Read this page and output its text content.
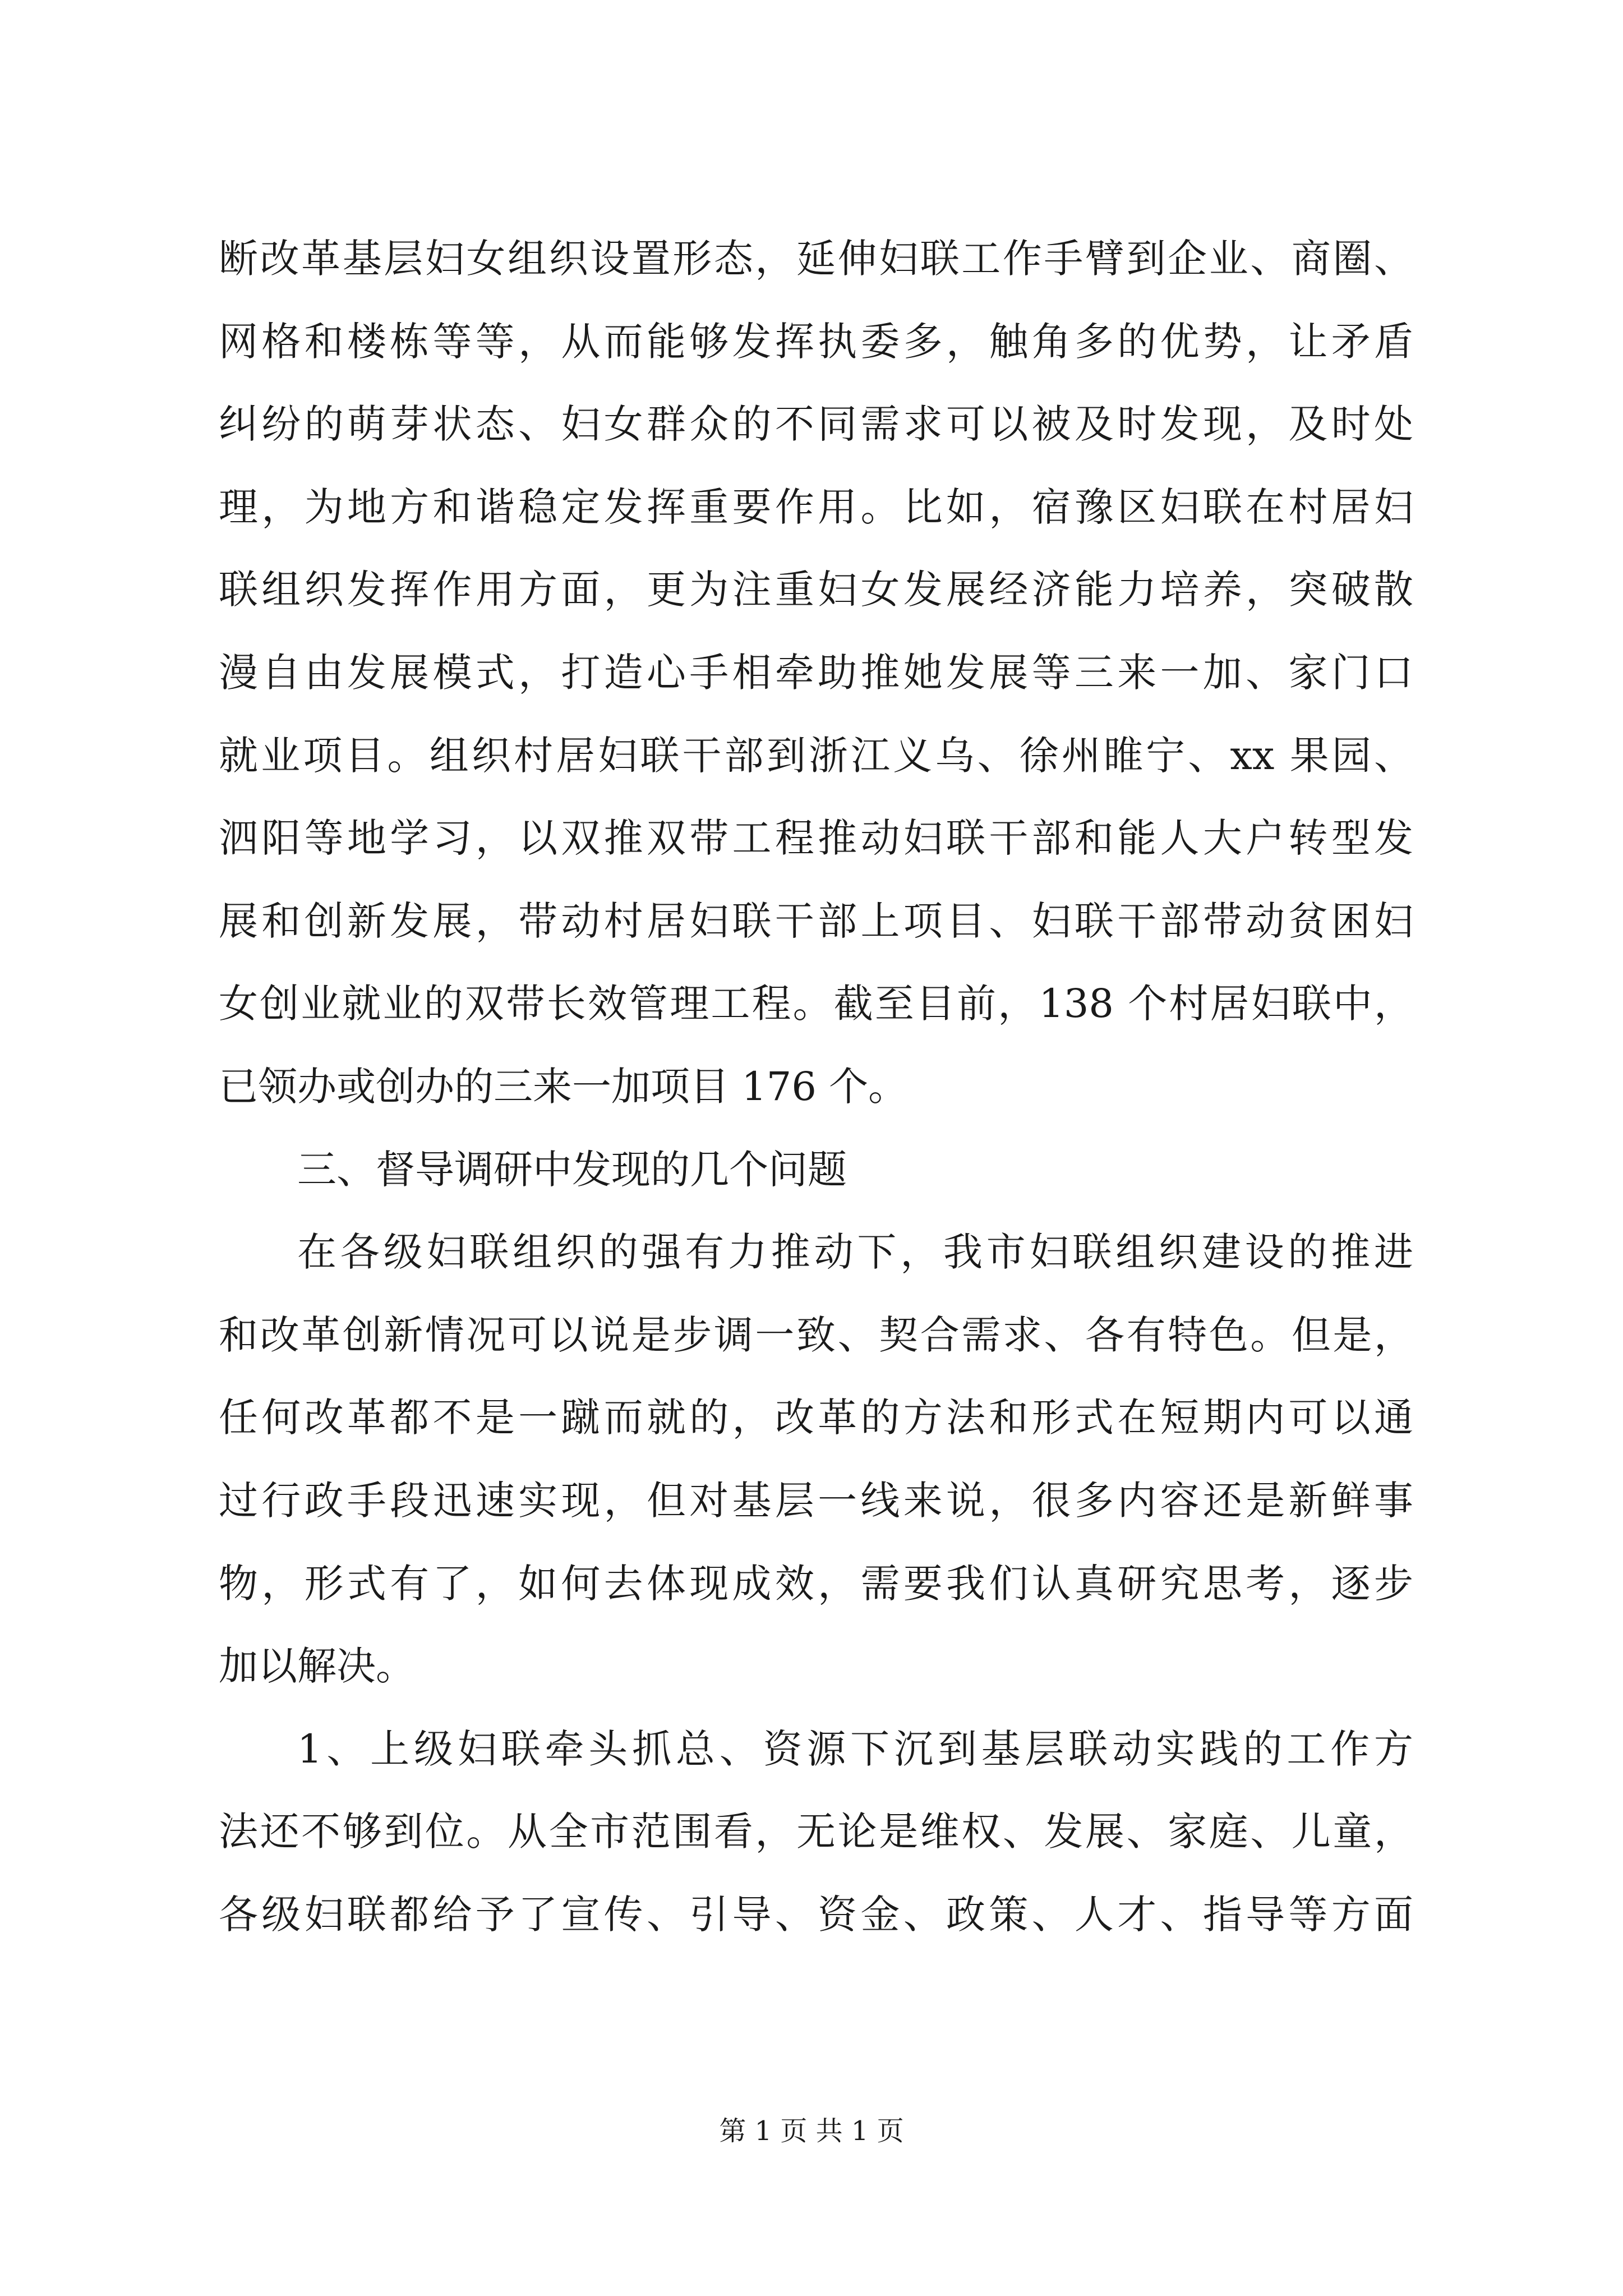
断改革基层妇女组织设置形态，延伸妇联工作手臂到企业、商圈、
网格和楼栋等等，从而能够发挥执委多，触角多的优势，让矛盾
纠纷的萌芽状态、妇女群众的不同需求可以被及时发现，及时处
理，为地方和谐稳定发挥重要作用。比如，宿豫区妇联在村居妇
联组织发挥作用方面，更为注重妇女发展经济能力培养，突破散
漫自由发展模式，打造心手相牵助推她发展等三来一加、家门口
就业项目。组织村居妇联干部到浙江义乌、徐州睢宁、xx 果园、
泗阳等地学习，以双推双带工程推动妇联干部和能人大户转型发
展和创新发展，带动村居妇联干部上项目、妇联干部带动贫困妇
女创业就业的双带长效管理工程。截至目前，138 个村居妇联中，
已领办或创办的三来一加项目 176 个。
三、督导调研中发现的几个问题
在各级妇联组织的强有力推动下，我市妇联组织建设的推进
和改革创新情况可以说是步调一致、契合需求、各有特色。但是，
任何改革都不是一蹴而就的，改革的方法和形式在短期内可以通
过行政手段迅速实现，但对基层一线来说，很多内容还是新鲜事
物，形式有了，如何去体现成效，需要我们认真研究思考，逐步
加以解决。
1、上级妇联牵头抓总、资源下沉到基层联动实践的工作方
法还不够到位。从全市范围看，无论是维权、发展、家庭、儿童，
各级妇联都给予了宣传、引导、资金、政策、人才、指导等方面
第 1 页 共 1 页
